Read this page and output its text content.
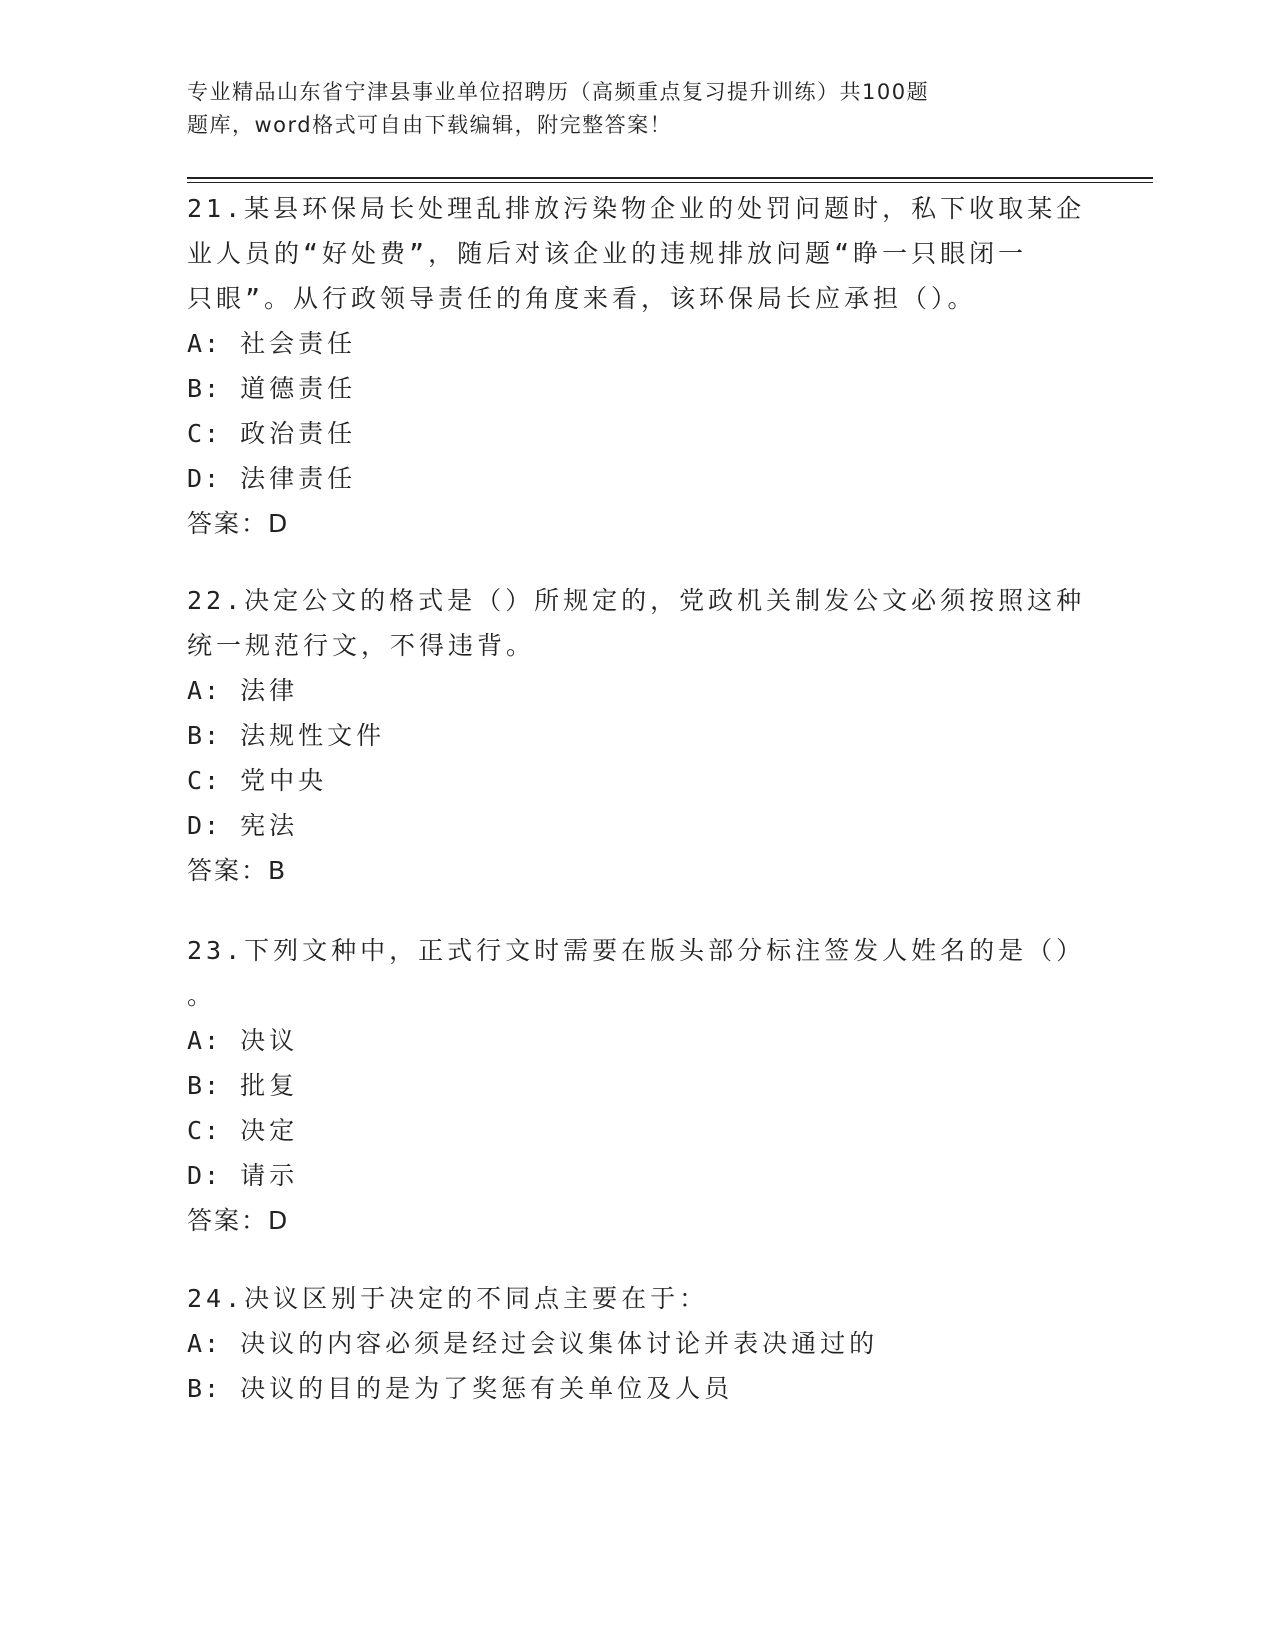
专业精品山东省宁津县事业单位招聘历（高频重点复习提升训练）共100题
题库，word格式可自由下载编辑，附完整答案！
21.某县环保局长处理乱排放污染物企业的处罚问题时，私下收取某企
业人员的“好处费”，随后对该企业的违规排放问题“睁一只眼闭一
只眼”。从行政领导责任的角度来看，该环保局长应承担（）。
A: 社会责任
B: 道德责任
C: 政治责任
D: 法律责任
答案：D
22.决定公文的格式是（）所规定的，党政机关制发公文必须按照这种
统一规范行文，不得违背。
A: 法律
B: 法规性文件
C: 党中央
D: 宪法
答案：B
23.下列文种中，正式行文时需要在版头部分标注签发人姓名的是（）
。
A: 决议
B: 批复
C: 决定
D: 请示
答案：D
24.决议区别于决定的不同点主要在于：
A: 决议的内容必须是经过会议集体讨论并表决通过的
B: 决议的目的是为了奖惩有关单位及人员
